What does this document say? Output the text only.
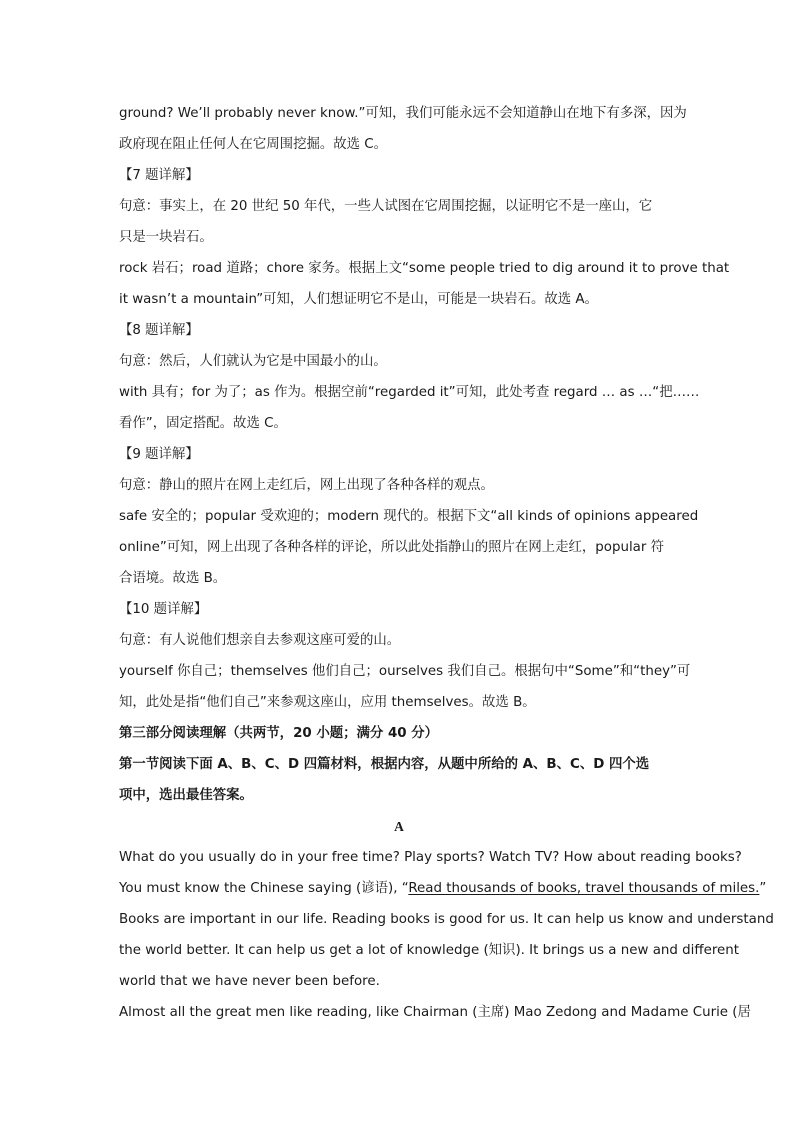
ground? We’ll probably never know.”可知，我们可能永远不会知道静山在地下有多深，因为
政府现在阻止任何人在它周围挖掘。故选 C。
【7 题详解】
句意：事实上，在 20 世纪 50 年代，一些人试图在它周围挖掘，以证明它不是一座山，它
只是一块岩石。
rock 岩石；road 道路；chore 家务。根据上文“some people tried to dig around it to prove that
it wasn’t a mountain”可知，人们想证明它不是山，可能是一块岩石。故选 A。
【8 题详解】
句意：然后，人们就认为它是中国最小的山。
with 具有；for 为了；as 作为。根据空前“regarded it”可知，此处考查 regard … as …“把……
看作”，固定搭配。故选 C。
【9 题详解】
句意：静山的照片在网上走红后，网上出现了各种各样的观点。
safe 安全的；popular 受欢迎的；modern 现代的。根据下文“all kinds of opinions appeared
online”可知，网上出现了各种各样的评论，所以此处指静山的照片在网上走红，popular 符
合语境。故选 B。
【10 题详解】
句意：有人说他们想亲自去参观这座可爱的山。
yourself 你自己；themselves 他们自己；ourselves 我们自己。根据句中“Some”和“they”可
知，此处是指“他们自己”来参观这座山，应用 themselves。故选 B。
第三部分阅读理解（共两节，20 小题；满分 40 分）
第一节阅读下面 A、B、C、D 四篇材料，根据内容，从题中所给的 A、B、C、D 四个选
项中，选出最佳答案。
A
What do you usually do in your free time? Play sports? Watch TV? How about reading books?
You must know the Chinese saying (谚语), “Read thousands of books, travel thousands of miles.”
Books are important in our life. Reading books is good for us. It can help us know and understand
the world better. It can help us get a lot of knowledge (知识). It brings us a new and different
world that we have never been before.
Almost all the great men like reading, like Chairman (主席) Mao Zedong and Madame Curie (居
